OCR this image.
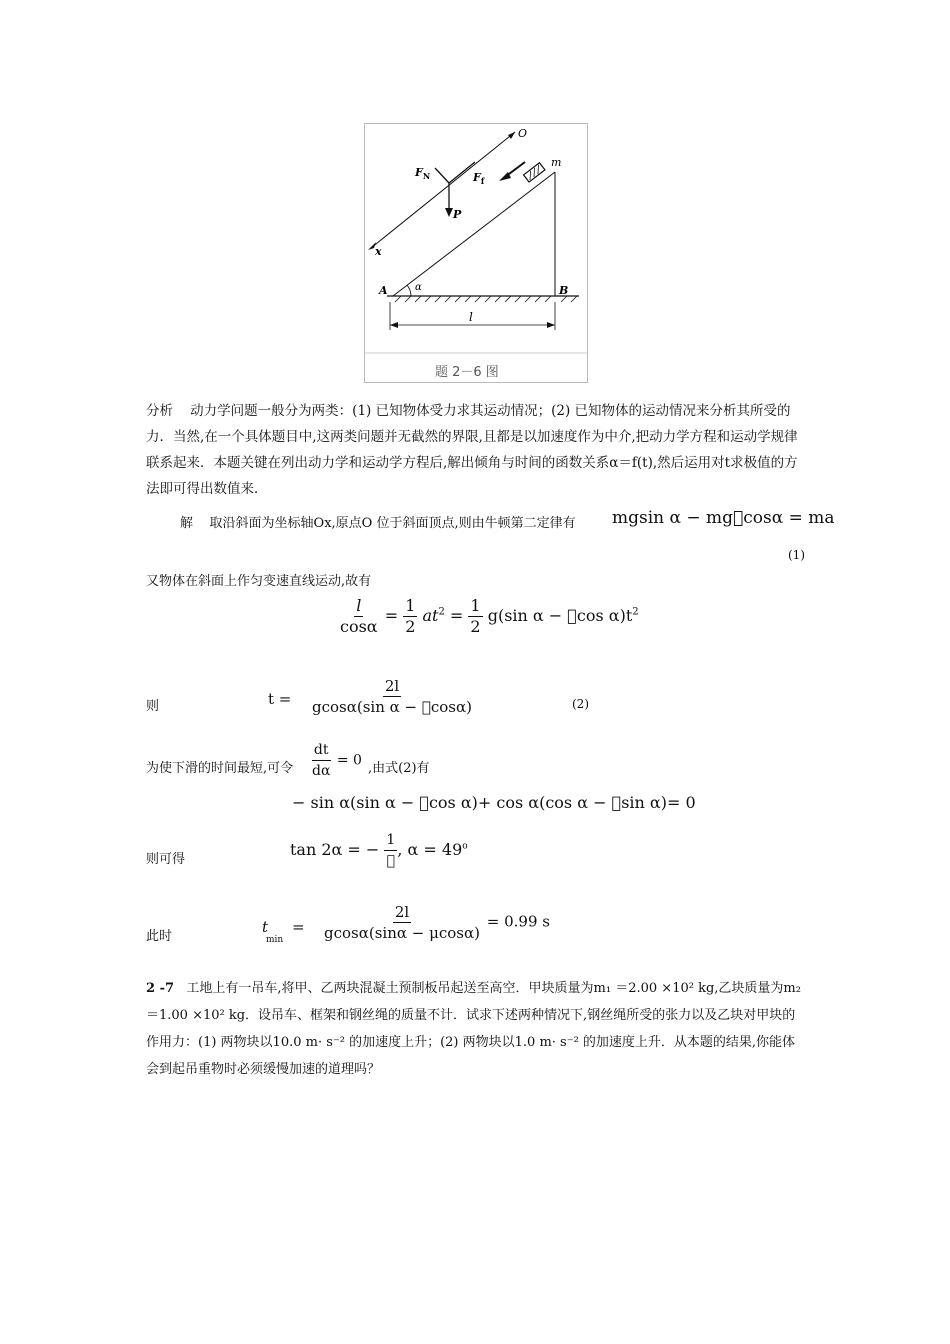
O
x
$F_N$	$F_f$
P
m
α
A	B
l
题 2－6 图
分析 动力学问题一般分为两类：(1) 已知物体受力求其运动情况；(2) 已知物体的运动情况来分析其所受的力．当然,在一个具体题目中,这两类问题并无截然的界限,且都是以加速度作为中介,把动力学方程和运动学规律联系起来．本题关键在列出动力学和运动学方程后,解出倾角与时间的函数关系α＝f(t),然后运用对t求极值的方法即可得出数值来．
解 取沿斜面为坐标轴Ox,原点O 位于斜面顶点,则由牛顿第二定律有 mgsin α − mg cosα = ma
(1)
又物体在斜面上作匀变速直线运动,故有
$\frac{l}{\cos\alpha} = \frac{1}{2} at^2 = \frac{1}{2} g(\sin$ α −  cos $\alpha)t^2$
则	$t = \frac{2l}{\text{gcosα(sin α −  cosα)}}$	(2)
为使下滑的时间最短,可令 $\frac{dt}{d\alpha} = 0$ ,由式(2)有
− sin α(sin α −  cos α)+ cos α(cos α −  sin α)= 0
则可得
tan 2α = − $\frac{1}{ }$ , $\alpha = 49^o$
此时
t
min
= $\frac{2l}{gcos\alpha(\sin\alpha - \mu\cos\alpha)} = 0.99$ s
2 -7 工地上有一吊车,将甲、乙两块混凝土预制板吊起送至高空．甲块质量为m₁ ＝2.00 ×10² kg,乙块质量为m₂ ＝1.00 ×10² kg．设吊车、框架和钢丝绳的质量不计．试求下述两种情况下,钢丝绳所受的张力以及乙块对甲块的作用力：(1) 两物块以10.0 m· s⁻² 的加速度上升；(2) 两物块以1.0 m· s⁻² 的加速度上升．从本题的结果,你能体会到起吊重物时必须缓慢加速的道理吗？
